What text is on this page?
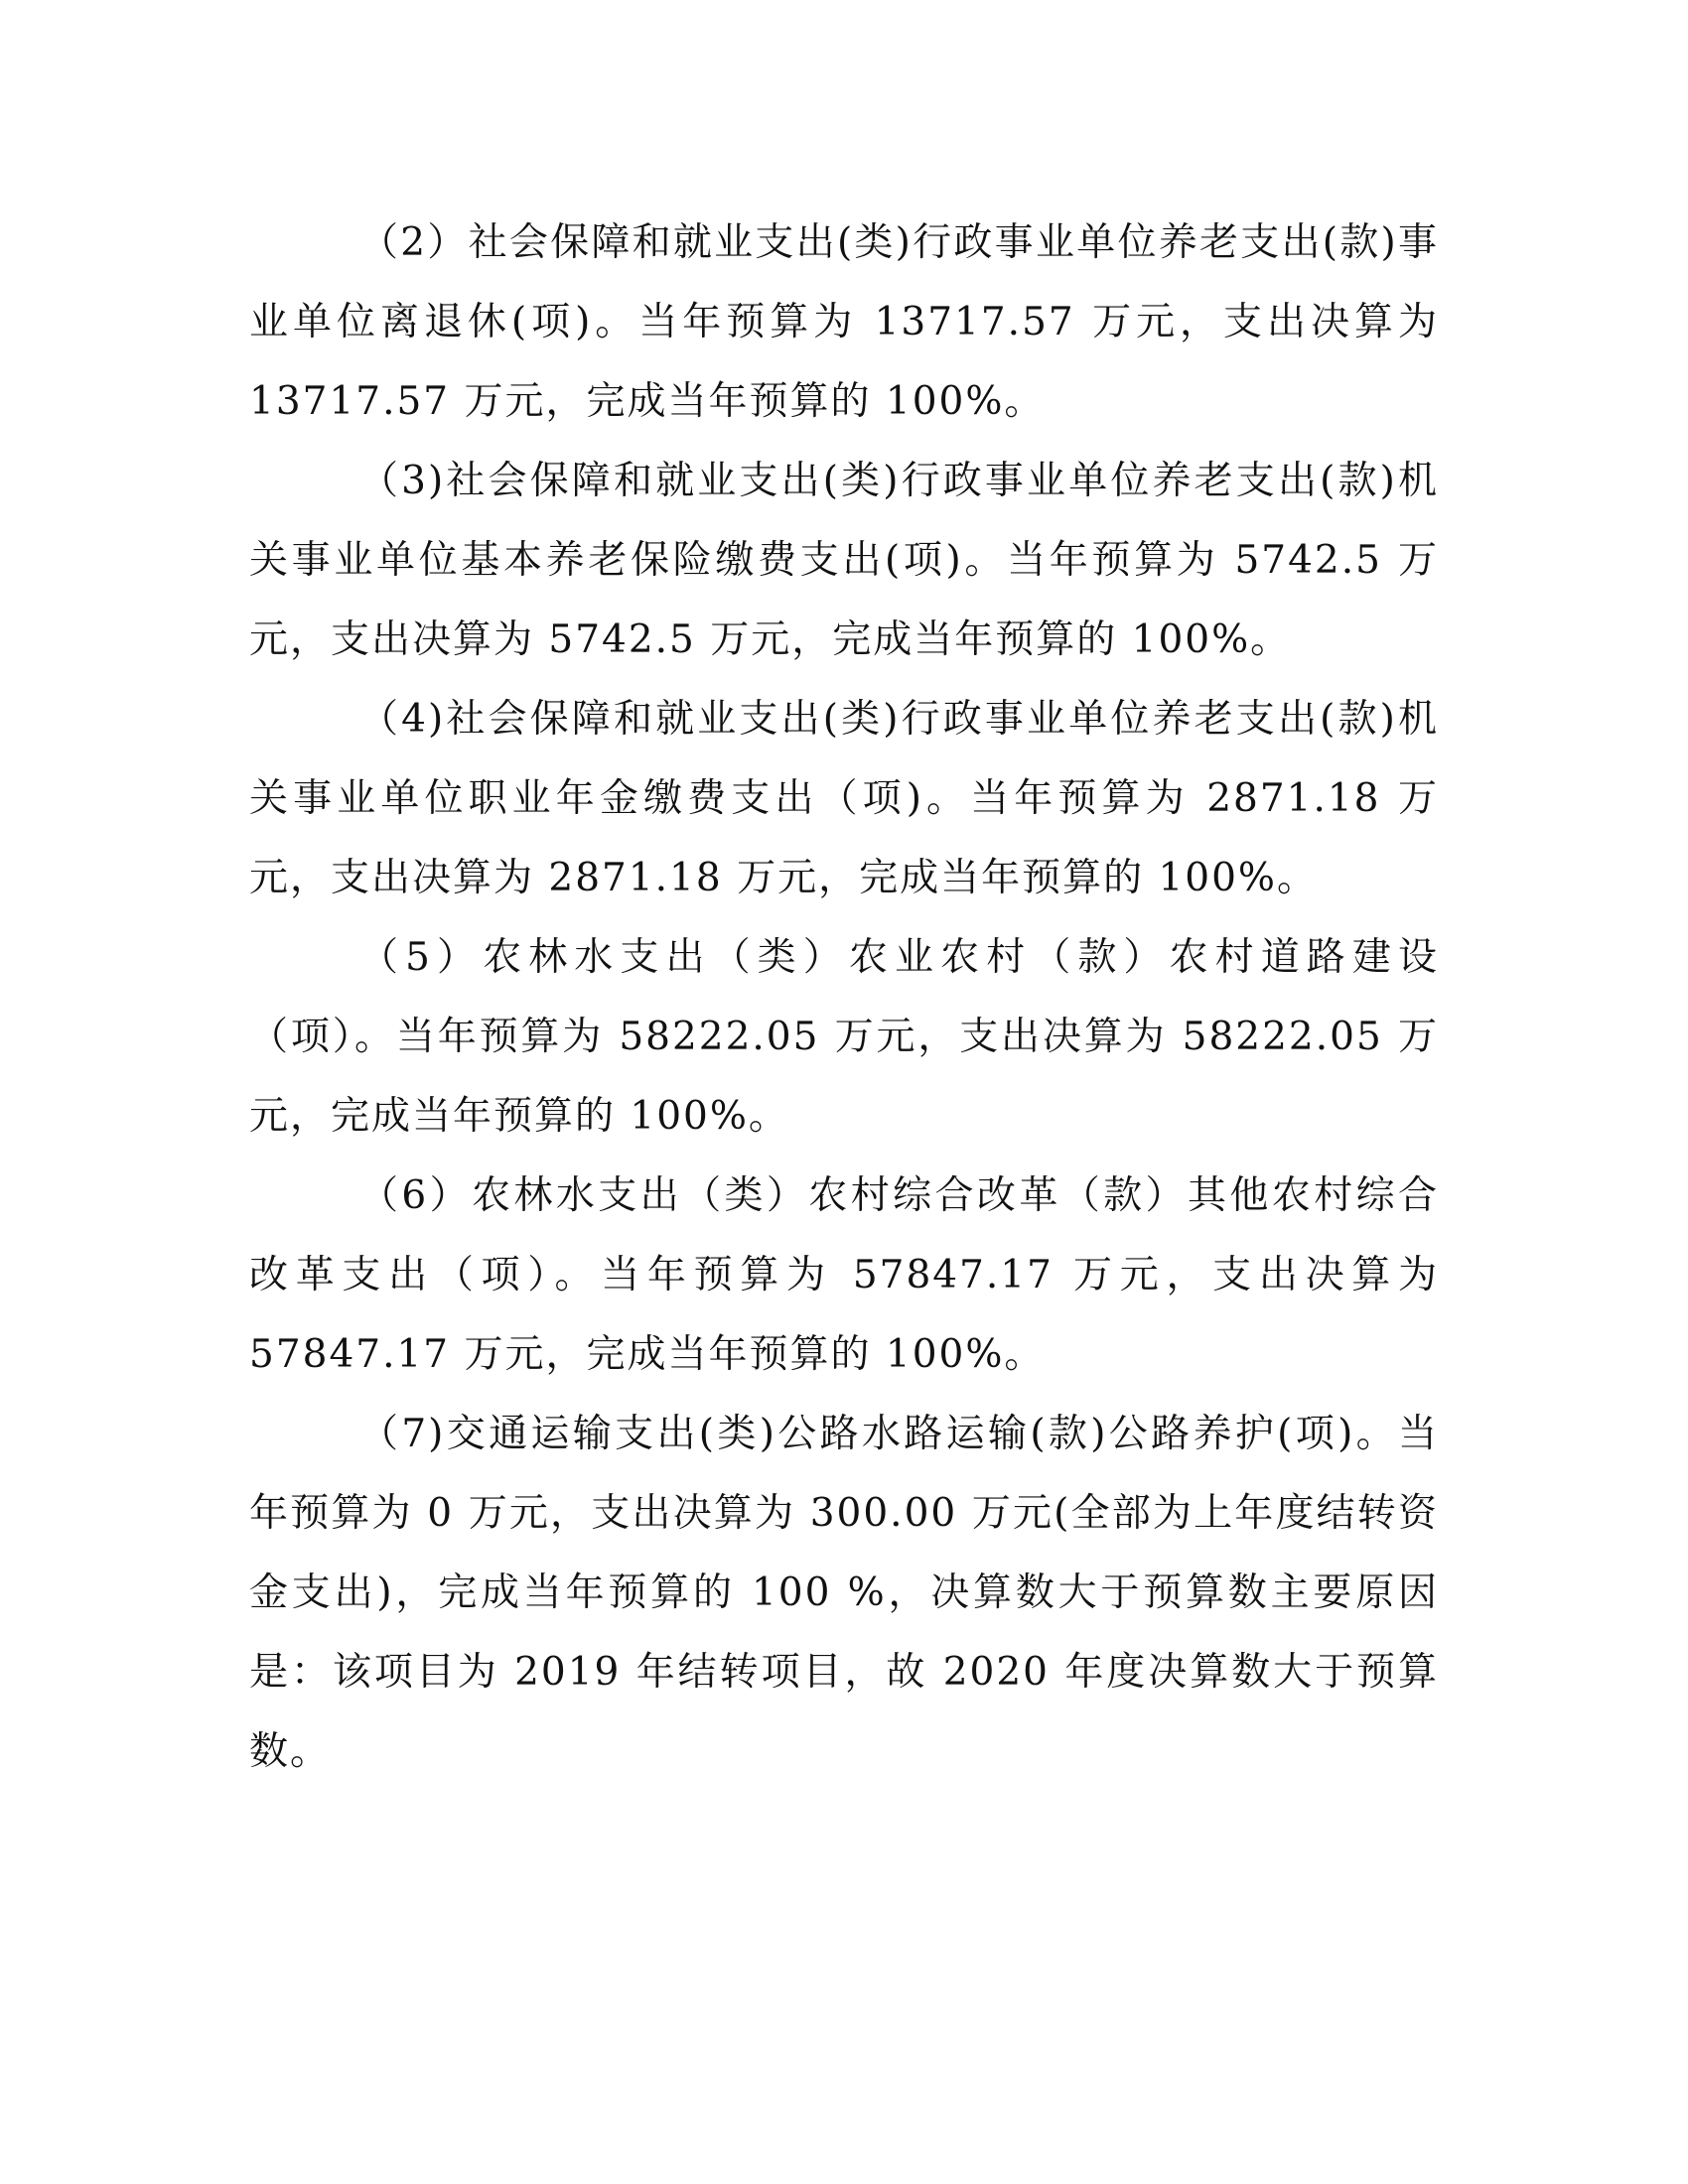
（2）社会保障和就业支出(类)行政事业单位养老支出(款)事业单位离退休(项)。当年预算为 13717.57 万元，支出决算为 13717.57 万元，完成当年预算的 100%。

（3)社会保障和就业支出(类)行政事业单位养老支出(款)机关事业单位基本养老保险缴费支出(项)。当年预算为 5742.5 万元，支出决算为 5742.5 万元，完成当年预算的 100%。

（4)社会保障和就业支出(类)行政事业单位养老支出(款)机关事业单位职业年金缴费支出（项)。当年预算为 2871.18 万元，支出决算为 2871.18 万元，完成当年预算的 100%。

（5）农林水支出（类）农业农村（款）农村道路建设（项）。当年预算为 58222.05 万元，支出决算为 58222.05 万元，完成当年预算的 100%。

（6）农林水支出（类）农村综合改革（款）其他农村综合改革支出（项）。当年预算为 57847.17 万元，支出决算为 57847.17 万元，完成当年预算的 100%。

（7)交通运输支出(类)公路水路运输(款)公路养护(项)。当年预算为 0 万元，支出决算为 300.00 万元(全部为上年度结转资金支出)，完成当年预算的 100 %，决算数大于预算数主要原因是：该项目为 2019 年结转项目，故 2020 年度决算数大于预算数。
